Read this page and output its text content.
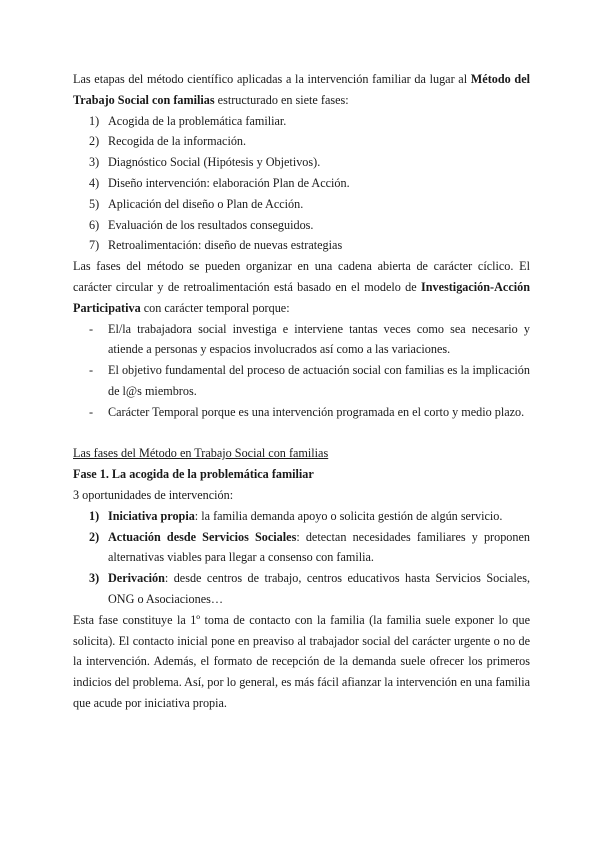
Las etapas del método científico aplicadas a la intervención familiar da lugar al Método del Trabajo Social con familias estructurado en siete fases:

1) Acogida de la problemática familiar.
2) Recogida de la información.
3) Diagnóstico Social (Hipótesis y Objetivos).
4) Diseño intervención: elaboración Plan de Acción.
5) Aplicación del diseño o Plan de Acción.
6) Evaluación de los resultados conseguidos.
7) Retroalimentación: diseño de nuevas estrategias

Las fases del método se pueden organizar en una cadena abierta de carácter cíclico. El carácter circular y de retroalimentación está basado en el modelo de Investigación-Acción Participativa con carácter temporal porque:

- El/la trabajadora social investiga e interviene tantas veces como sea necesario y atiende a personas y espacios involucrados así como a las variaciones.
- El objetivo fundamental del proceso de actuación social con familias es la implicación de l@s miembros.
- Carácter Temporal porque es una intervención programada en el corto y medio plazo.

Las fases del Método en Trabajo Social con familias

Fase 1. La acogida de la problemática familiar

3 oportunidades de intervención:

1) Iniciativa propia: la familia demanda apoyo o solicita gestión de algún servicio.
2) Actuación desde Servicios Sociales: detectan necesidades familiares y proponen alternativas viables para llegar a consenso con familia.
3) Derivación: desde centros de trabajo, centros educativos hasta Servicios Sociales, ONG o Asociaciones…

Esta fase constituye la 1º toma de contacto con la familia (la familia suele exponer lo que solicita). El contacto inicial pone en preaviso al trabajador social del carácter urgente o no de la intervención. Además, el formato de recepción de la demanda suele ofrecer los primeros indicios del problema. Así, por lo general, es más fácil afianzar la intervención en una familia que acude por iniciativa propia.
